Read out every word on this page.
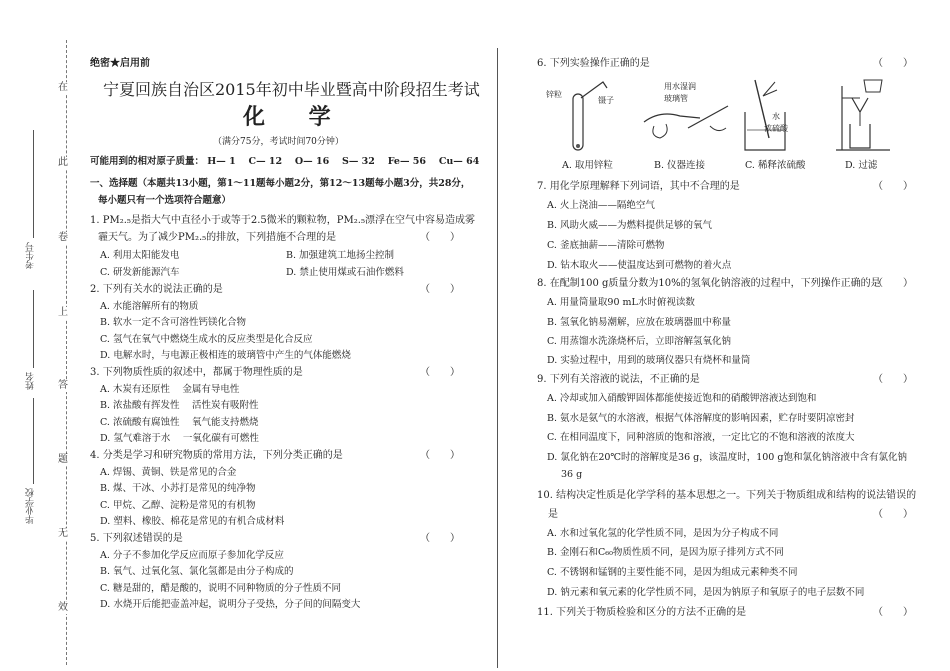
在
此
卷
上
答
题
无
效
考生号
姓名
毕业学校
绝密★启用前
宁夏回族自治区2015年初中毕业暨高中阶段招生考试
化 学
（满分75分，考试时间70分钟）
可能用到的相对原子质量： H— 1　 C— 12　 O— 16　 S— 32　 Fe— 56　 Cu— 64
一、选择题（本题共13小题，第1～11题每小题2分，第12～13题每小题3分，共28分，
每小题只有一个选项符合题意）
1. PM₂.₅是指大气中直径小于或等于2.5微米的颗粒物，PM₂.₅漂浮在空气中容易造成雾
霾天气。为了减少PM₂.₅的排放，下列措施不合理的是	（　　）
A. 利用太阳能发电	B. 加强建筑工地扬尘控制
C. 研发新能源汽车	D. 禁止使用煤或石油作燃料
2. 下列有关水的说法正确的是	（　　）
A. 水能溶解所有的物质
B. 软水一定不含可溶性钙镁化合物
C. 氢气在氧气中燃烧生成水的反应类型是化合反应
D. 电解水时，与电源正极相连的玻璃管中产生的气体能燃烧
3. 下列物质性质的叙述中，都属于物理性质的是	（　　）
A. 木炭有还原性　 金属有导电性
B. 浓盐酸有挥发性　 活性炭有吸附性
C. 浓硫酸有腐蚀性　 氧气能支持燃烧
D. 氢气难溶于水　 一氧化碳有可燃性
4. 分类是学习和研究物质的常用方法，下列分类正确的是	（　　）
A. 焊锡、黄铜、铁是常见的合金
B. 煤、干冰、小苏打是常见的纯净物
C. 甲烷、乙醇、淀粉是常见的有机物
D. 塑料、橡胶、棉花是常见的有机合成材料
5. 下列叙述错误的是	（　　）
A. 分子不参加化学反应而原子参加化学反应
B. 氧气、过氧化氢、氯化氢都是由分子构成的
C. 糖是甜的，醋是酸的，说明不同种物质的分子性质不同
D. 水烧开后能把壶盖冲起，说明分子受热，分子间的间隔变大
6. 下列实验操作正确的是	（　　）
锌粒
镊子
用水湿润
玻璃管
水
浓硫酸
A. 取用锌粒	B. 仪器连接	C. 稀释浓硫酸	D. 过滤
7. 用化学原理解释下列词语，其中不合理的是	（　　）
A. 火上浇油——隔绝空气
B. 风助火威——为燃料提供足够的氧气
C. 釜底抽薪——清除可燃物
D. 钻木取火——使温度达到可燃物的着火点
8. 在配制100 g质量分数为10%的氢氧化钠溶液的过程中，下列操作正确的是
（　　）
A. 用量筒量取90 mL水时俯视读数
B. 氢氧化钠易潮解，应放在玻璃器皿中称量
C. 用蒸馏水洗涤烧杯后，立即溶解氢氧化钠
D. 实验过程中，用到的玻璃仪器只有烧杯和量筒
9. 下列有关溶液的说法，不正确的是	（　　）
A. 冷却或加入硝酸钾固体都能使接近饱和的硝酸钾溶液达到饱和
B. 氨水是氨气的水溶液，根据气体溶解度的影响因素，贮存时要阴凉密封
C. 在相同温度下，同种溶质的饱和溶液，一定比它的不饱和溶液的浓度大
D. 氯化钠在20℃时的溶解度是36 g，该温度时，100 g饱和氯化钠溶液中含有氯化钠
36 g
10. 结构决定性质是化学学科的基本思想之一。下列关于物质组成和结构的说法错误的
是	（　　）
A. 水和过氧化氢的化学性质不同，是因为分子构成不同
B. 金刚石和C₆₀物质性质不同，是因为原子排列方式不同
C. 不锈钢和锰钢的主要性能不同，是因为组成元素种类不同
D. 钠元素和氧元素的化学性质不同，是因为钠原子和氧原子的电子层数不同
11. 下列关于物质检验和区分的方法不正确的是	（　　）
